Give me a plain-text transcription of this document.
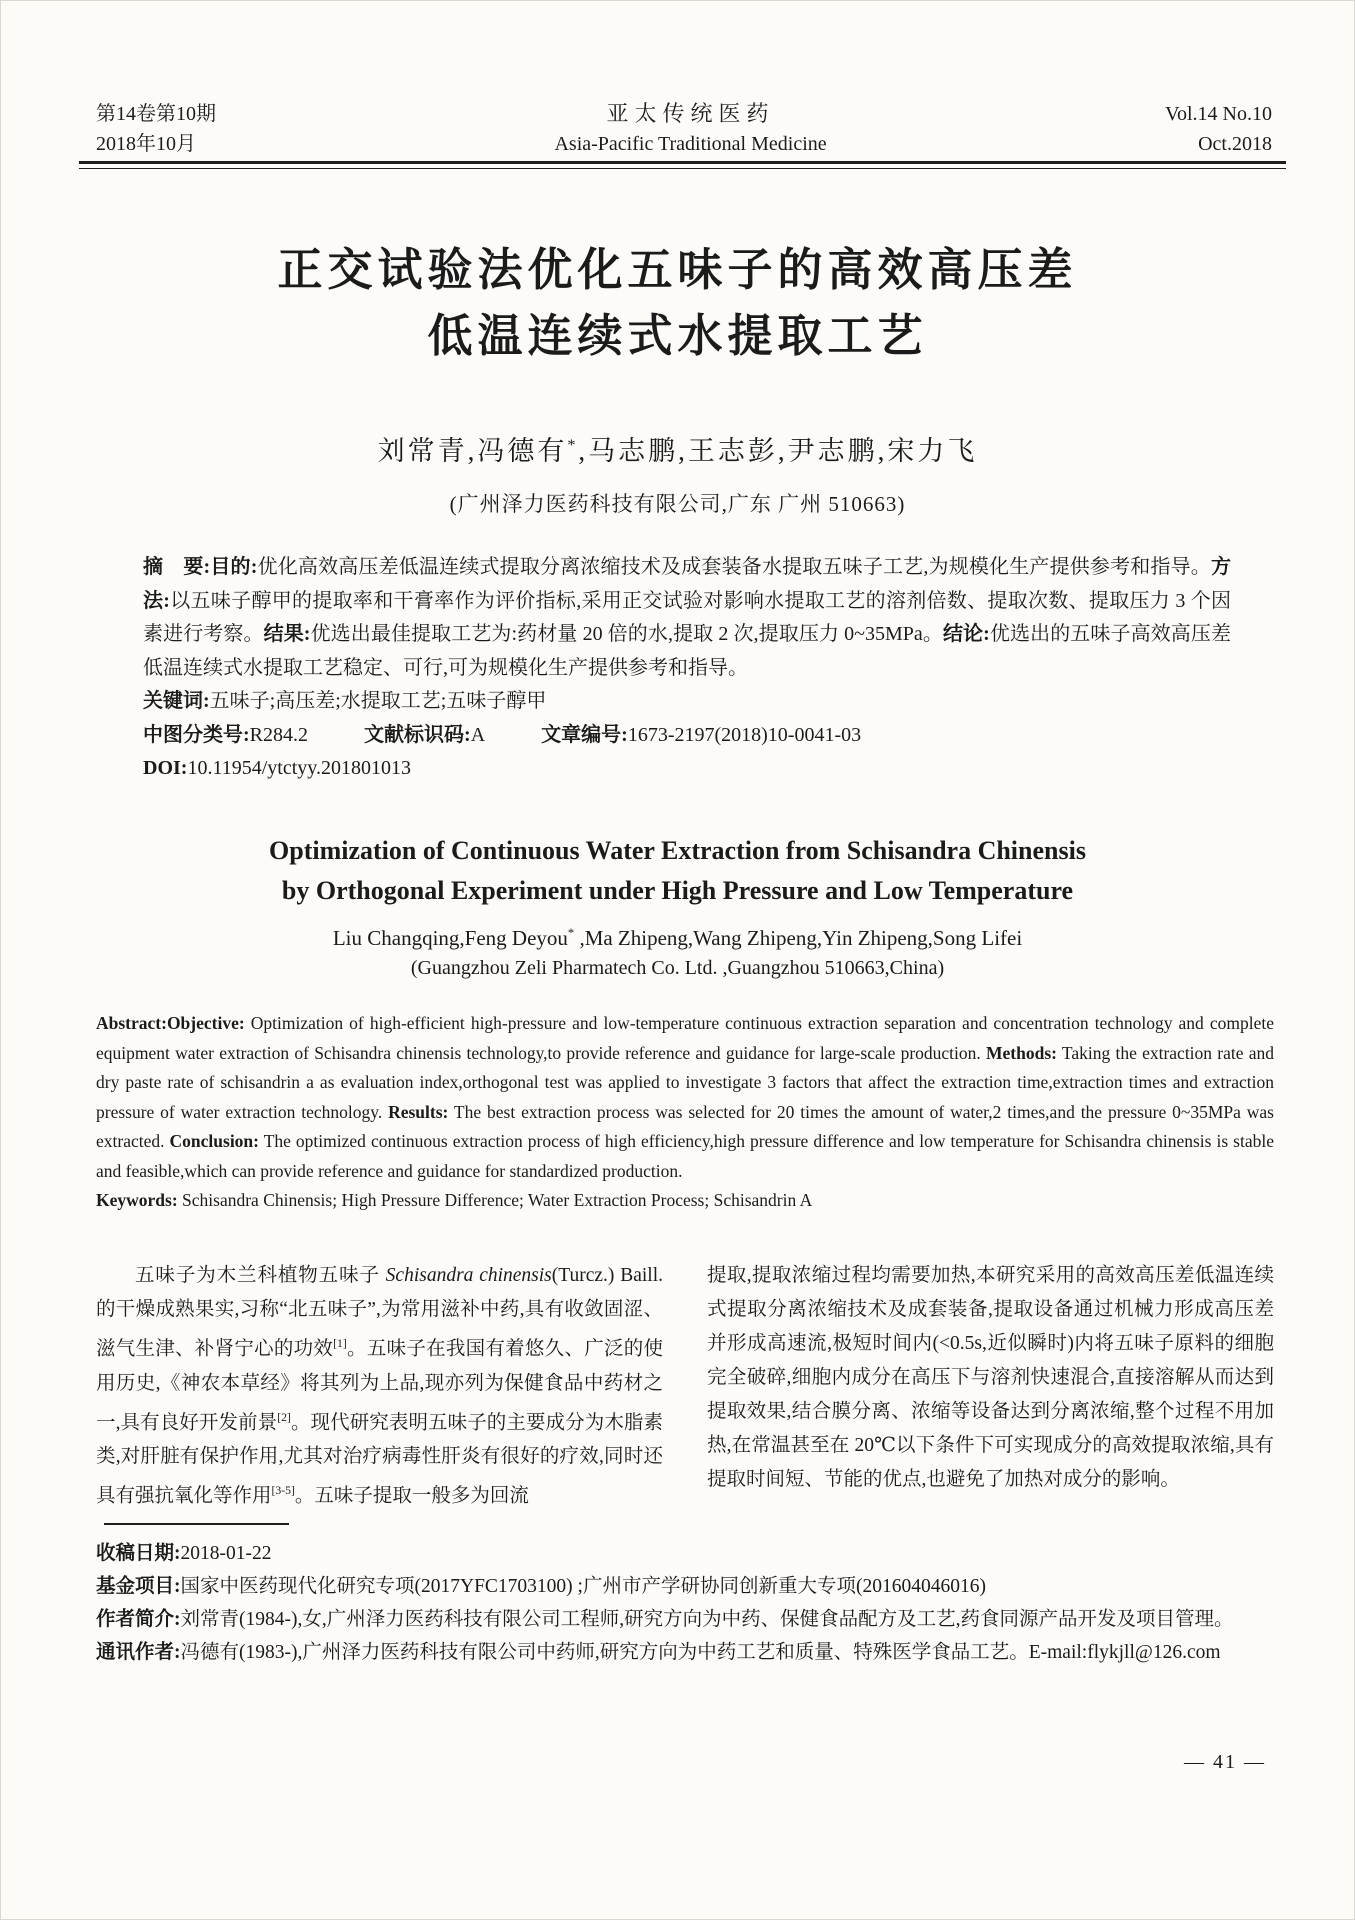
第14卷第10期
2018年10月
亚太传统医药
Asia-Pacific Traditional Medicine
Vol.14 No.10
Oct.2018
正交试验法优化五味子的高效高压差
低温连续式水提取工艺
刘常青,冯德有*,马志鹏,王志彭,尹志鹏,宋力飞
(广州泽力医药科技有限公司,广东 广州 510663)

摘　要:目的:优化高效高压差低温连续式提取分离浓缩技术及成套装备水提取五味子工艺,为规模化生产提供参考和指导。方法:以五味子醇甲的提取率和干膏率作为评价指标,采用正交试验对影响水提取工艺的溶剂倍数、提取次数、提取压力 3 个因素进行考察。结果:优选出最佳提取工艺为:药材量 20 倍的水,提取 2 次,提取压力 0~35MPa。结论:优选出的五味子高效高压差低温连续式水提取工艺稳定、可行,可为规模化生产提供参考和指导。

关键词:五味子;高压差;水提取工艺;五味子醇甲

中图分类号:R284.2	文献标识码:A	文章编号:1673-2197(2018)10-0041-03

DOI:10.11954/ytctyy.201801013

Optimization of Continuous Water Extraction from Schisandra Chinensis
by Orthogonal Experiment under High Pressure and Low Temperature
Liu Changqing,Feng Deyou* ,Ma Zhipeng,Wang Zhipeng,Yin Zhipeng,Song Lifei
(Guangzhou Zeli Pharmatech Co. Ltd. ,Guangzhou 510663,China)

Abstract:Objective: Optimization of high-efficient high-pressure and low-temperature continuous extraction separation and concentration technology and complete equipment water extraction of Schisandra chinensis technology,to provide reference and guidance for large-scale production. Methods: Taking the extraction rate and dry paste rate of schisandrin a as evaluation index,orthogonal test was applied to investigate 3 factors that affect the extraction time,extraction times and extraction pressure of water extraction technology. Results: The best extraction process was selected for 20 times the amount of water,2 times,and the pressure 0~35MPa was extracted. Conclusion: The optimized continuous extraction process of high efficiency,high pressure difference and low temperature for Schisandra chinensis is stable and feasible,which can provide reference and guidance for standardized production.

Keywords: Schisandra Chinensis; High Pressure Difference; Water Extraction Process; Schisandrin A

五味子为木兰科植物五味子 Schisandra chinensis(Turcz.) Baill. 的干燥成熟果实,习称“北五味子”,为常用滋补中药,具有收敛固涩、滋气生津、补肾宁心的功效[1]。五味子在我国有着悠久、广泛的使用历史,《神农本草经》将其列为上品,现亦列为保健食品中药材之一,具有良好开发前景[2]。现代研究表明五味子的主要成分为木脂素类,对肝脏有保护作用,尤其对治疗病毒性肝炎有很好的疗效,同时还具有强抗氧化等作用[3-5]。五味子提取一般多为回流

提取,提取浓缩过程均需要加热,本研究采用的高效高压差低温连续式提取分离浓缩技术及成套装备,提取设备通过机械力形成高压差并形成高速流,极短时间内(<0.5s,近似瞬时)内将五味子原料的细胞完全破碎,细胞内成分在高压下与溶剂快速混合,直接溶解从而达到提取效果,结合膜分离、浓缩等设备达到分离浓缩,整个过程不用加热,在常温甚至在 20℃以下条件下可实现成分的高效提取浓缩,具有提取时间短、节能的优点,也避免了加热对成分的影响。

收稿日期:2018-01-22

基金项目:国家中医药现代化研究专项(2017YFC1703100) ;广州市产学研协同创新重大专项(201604046016)

作者简介:刘常青(1984-),女,广州泽力医药科技有限公司工程师,研究方向为中药、保健食品配方及工艺,药食同源产品开发及项目管理。

通讯作者:冯德有(1983-),广州泽力医药科技有限公司中药师,研究方向为中药工艺和质量、特殊医学食品工艺。E-mail:flykjll@126.com

— 41 —
